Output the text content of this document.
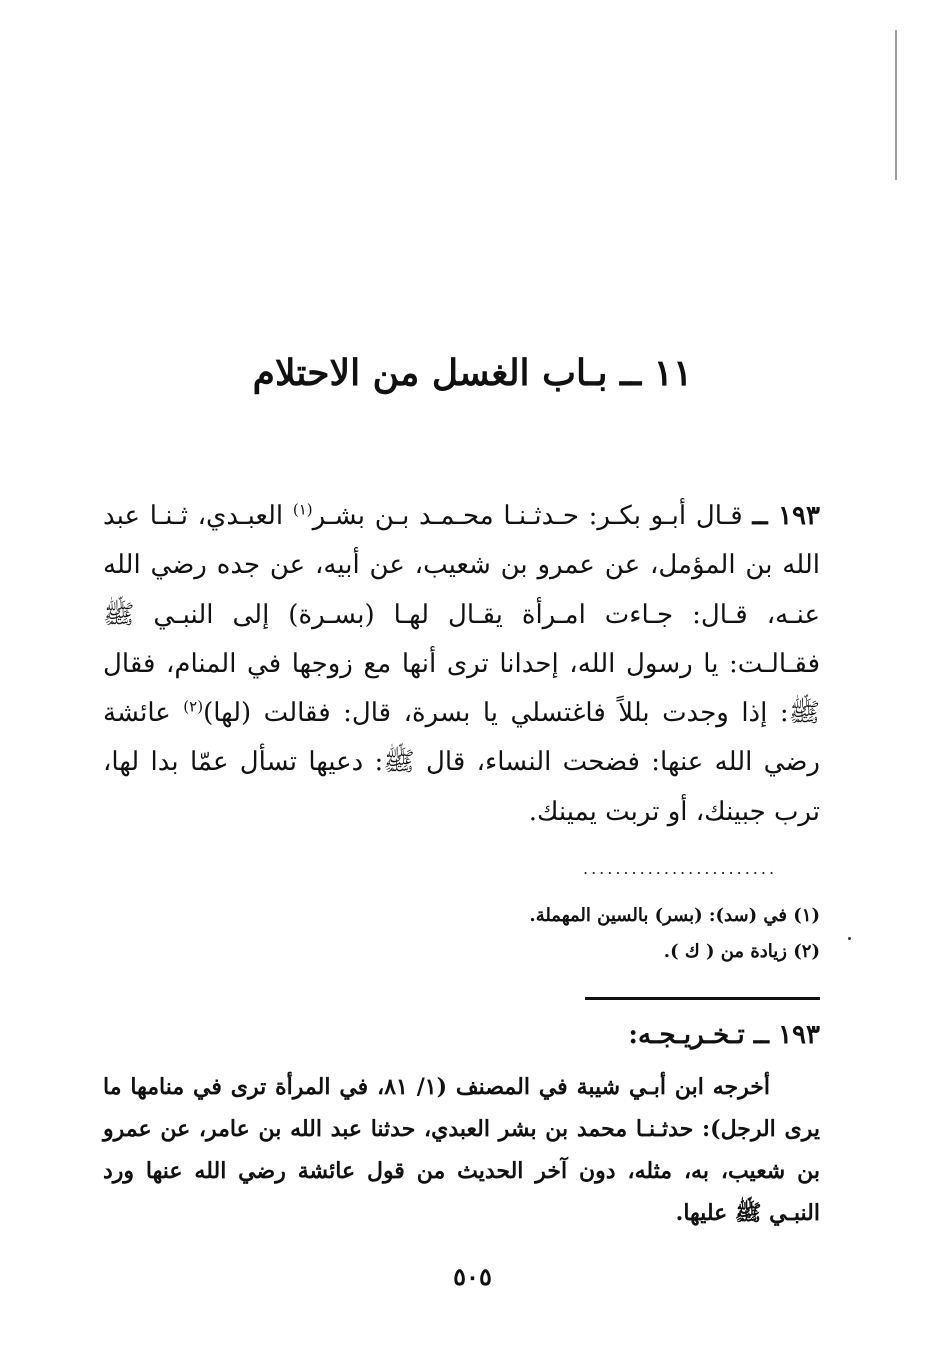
١١ ــ بـاب الغسل من الاحتلام

١٩٣ ــ قـال أبـو بكـر: حـدثـنـا محـمـد بـن بشـر$^{(١)}$ العبـدي، ثـنـا عبد الله بن المؤمل، عن عمرو بن شعيب، عن أبيه، عن جده رضي الله عنـه، قـال: جـاءت امـرأة يقـال لهـا (بسـرة) إلى النبـي ﷺ فقـالـت: يا رسول الله، إحدانا ترى أنها مع زوجها في المنام، فقال ﷺ: إذا وجدت بللاً فاغتسلي يا بسرة، قال: فقالت (لها)$^{(٢)}$ عائشة رضي الله عنها: فضحت النساء، قال ﷺ: دعيها تسأل عمّا بدا لها، ترب جبينك، أو تربت يمينك.

........................
(١) في (سد): (بسر) بالسين المهملة.
(٢) زيادة من ( ك ).
١٩٣ ــ تـخـريـجـه:

أخرجه ابن أبـي شيبة في المصنف (١/ ٨١، في المرأة ترى في منامها ما يرى الرجل): حدثـنـا محمد بن بشر العبدي، حدثنا عبد الله بن عامر، عن عمرو بن شعيب، به، مثله، دون آخر الحديث من قول عائشة رضي الله عنها ورد النبـي ﷺ عليها.

٥٠٥
